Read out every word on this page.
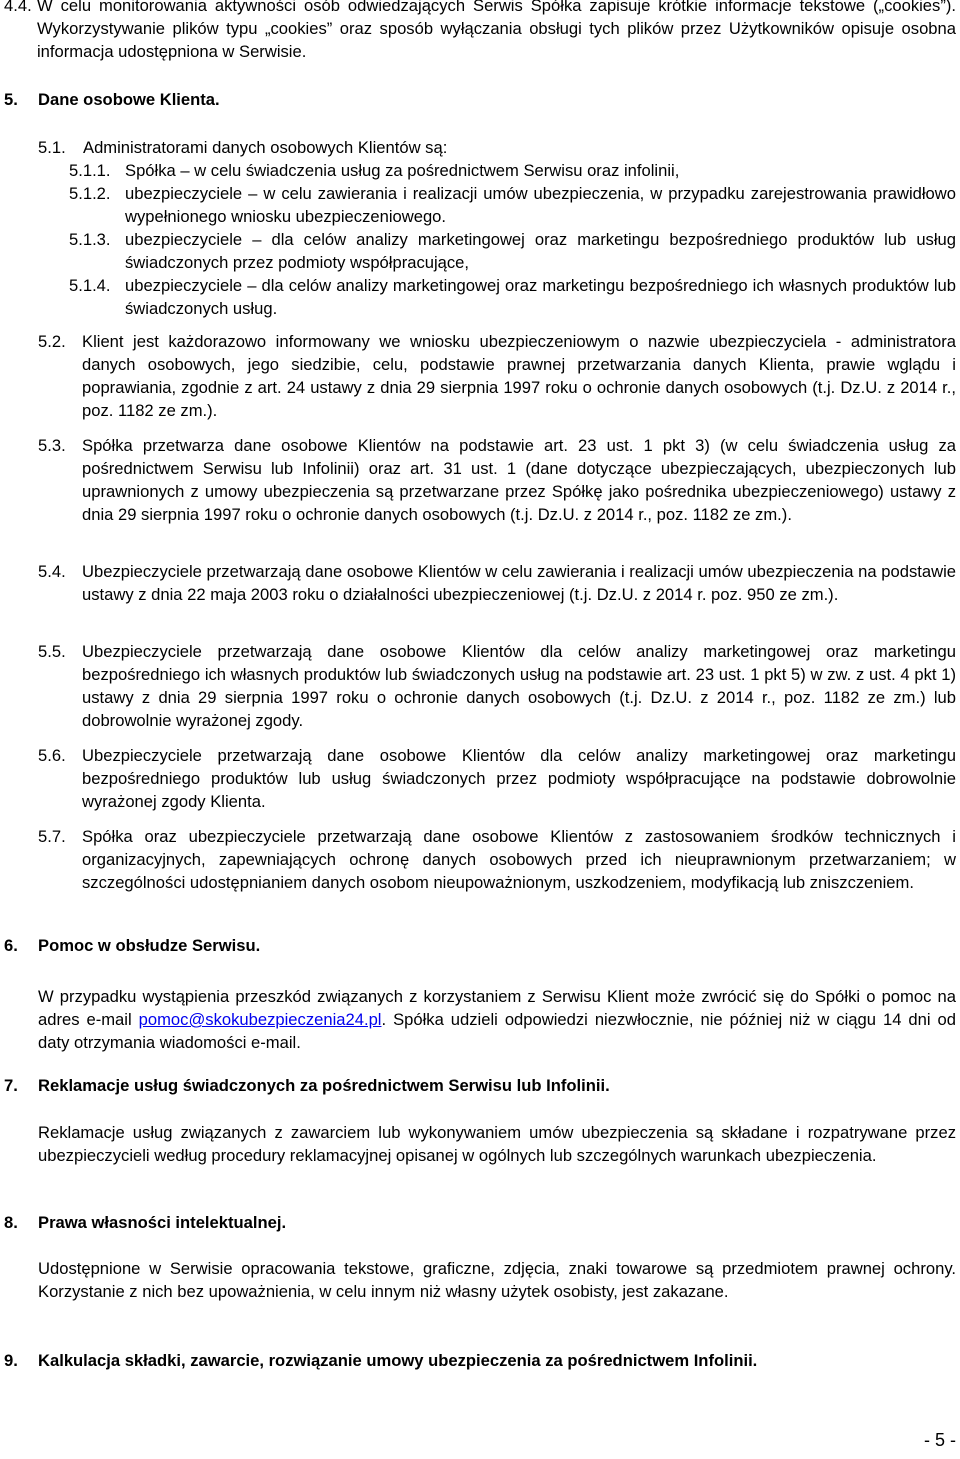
4.4. W celu monitorowania aktywności osób odwiedzających Serwis Spółka zapisuje krótkie informacje tekstowe („cookies”). Wykorzystywanie plików typu „cookies” oraz sposób wyłączania obsługi tych plików przez Użytkowników opisuje osobna informacja udostępniona w Serwisie.
5.	Dane osobowe Klienta.
5.1.	Administratorami danych osobowych Klientów są:
5.1.1. Spółka – w celu świadczenia usług za pośrednictwem Serwisu oraz infolinii,
5.1.2. ubezpieczyciele – w celu zawierania i realizacji umów ubezpieczenia, w przypadku zarejestrowania prawidłowo wypełnionego wniosku ubezpieczeniowego.
5.1.3. ubezpieczyciele – dla celów analizy marketingowej oraz marketingu bezpośredniego produktów lub usług świadczonych przez podmioty współpracujące,
5.1.4. ubezpieczyciele – dla celów analizy marketingowej oraz marketingu bezpośredniego ich własnych produktów lub świadczonych usług.
5.2. Klient jest każdorazowo informowany we wniosku ubezpieczeniowym o nazwie ubezpieczyciela - administratora danych osobowych, jego siedzibie, celu, podstawie prawnej przetwarzania danych Klienta, prawie wglądu i poprawiania, zgodnie z art. 24 ustawy z dnia 29 sierpnia 1997 roku o ochronie danych osobowych (t.j. Dz.U. z 2014 r., poz. 1182 ze zm.).
5.3. Spółka przetwarza dane osobowe Klientów na podstawie art. 23 ust. 1 pkt 3) (w celu świadczenia usług za pośrednictwem Serwisu lub Infolinii) oraz art. 31 ust. 1 (dane dotyczące ubezpieczających, ubezpieczonych lub uprawnionych z umowy ubezpieczenia są przetwarzane przez Spółkę jako pośrednika ubezpieczeniowego) ustawy z dnia 29 sierpnia 1997 roku o ochronie danych osobowych (t.j. Dz.U. z 2014 r., poz. 1182 ze zm.).
5.4. Ubezpieczyciele przetwarzają dane osobowe Klientów w celu zawierania i realizacji umów ubezpieczenia na podstawie ustawy z dnia 22 maja 2003 roku o działalności ubezpieczeniowej (t.j. Dz.U. z 2014 r. poz. 950 ze zm.).
5.5. Ubezpieczyciele przetwarzają dane osobowe Klientów dla celów analizy marketingowej oraz marketingu bezpośredniego ich własnych produktów lub świadczonych usług na podstawie art. 23 ust. 1 pkt 5) w zw. z ust. 4 pkt 1) ustawy z dnia 29 sierpnia 1997 roku o ochronie danych osobowych (t.j. Dz.U. z 2014 r., poz. 1182 ze zm.) lub dobrowolnie wyrażonej zgody.
5.6. Ubezpieczyciele przetwarzają dane osobowe Klientów dla celów analizy marketingowej oraz marketingu bezpośredniego produktów lub usług świadczonych przez podmioty współpracujące na podstawie dobrowolnie wyrażonej zgody Klienta.
5.7. Spółka oraz ubezpieczyciele przetwarzają dane osobowe Klientów z zastosowaniem środków technicznych i organizacyjnych, zapewniających ochronę danych osobowych przed ich nieuprawnionym przetwarzaniem; w szczególności udostępnianiem danych osobom nieupoważnionym, uszkodzeniem, modyfikacją lub zniszczeniem.
6.	Pomoc w obsłudze Serwisu.
W przypadku wystąpienia przeszkód związanych z korzystaniem z Serwisu Klient może zwrócić się do Spółki o pomoc na adres e-mail pomoc@skokubezpieczenia24.pl. Spółka udzieli odpowiedzi niezwłocznie, nie później niż w ciągu 14 dni od daty otrzymania wiadomości e-mail.
7.	Reklamacje usług świadczonych za pośrednictwem Serwisu lub Infolinii.
Reklamacje usług związanych z zawarciem lub wykonywaniem umów ubezpieczenia są składane i rozpatrywane przez ubezpieczycieli według procedury reklamacyjnej opisanej w ogólnych lub szczególnych warunkach ubezpieczenia.
8.	Prawa własności intelektualnej.
Udostępnione w Serwisie opracowania tekstowe, graficzne, zdjęcia, znaki towarowe są przedmiotem prawnej ochrony. Korzystanie z nich bez upoważnienia, w celu innym niż własny użytek osobisty, jest zakazane.
9.	Kalkulacja składki, zawarcie, rozwiązanie umowy ubezpieczenia za pośrednictwem Infolinii.
- 5 -
